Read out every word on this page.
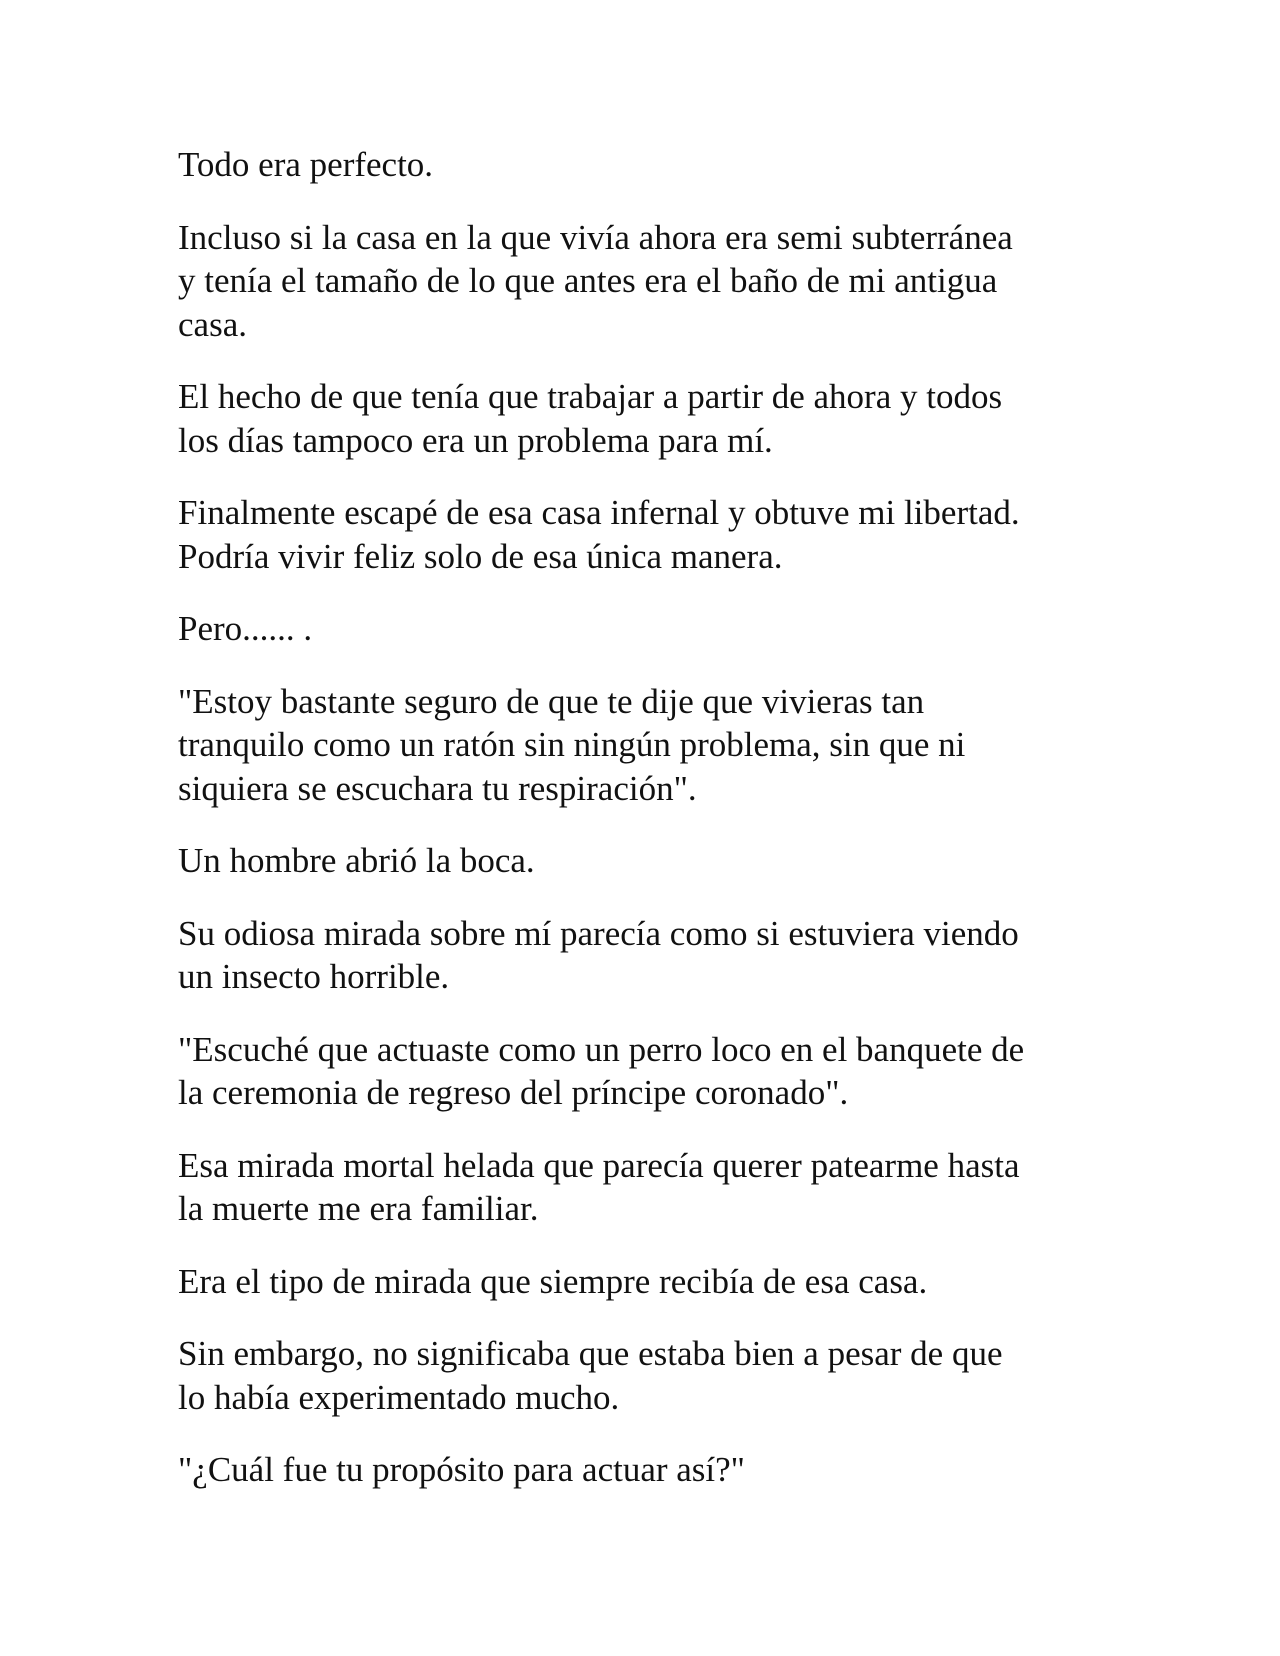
Todo era perfecto.

Incluso si la casa en la que vivía ahora era semi subterránea
y tenía el tamaño de lo que antes era el baño de mi antigua
casa.

El hecho de que tenía que trabajar a partir de ahora y todos
los días tampoco era un problema para mí.

Finalmente escapé de esa casa infernal y obtuve mi libertad.
Podría vivir feliz solo de esa única manera.

Pero...... .

"Estoy bastante seguro de que te dije que vivieras tan
tranquilo como un ratón sin ningún problema, sin que ni
siquiera se escuchara tu respiración".

Un hombre abrió la boca.

Su odiosa mirada sobre mí parecía como si estuviera viendo
un insecto horrible.

"Escuché que actuaste como un perro loco en el banquete de
la ceremonia de regreso del príncipe coronado".

Esa mirada mortal helada que parecía querer patearme hasta
la muerte me era familiar.

Era el tipo de mirada que siempre recibía de esa casa.

Sin embargo, no significaba que estaba bien a pesar de que
lo había experimentado mucho.

"¿Cuál fue tu propósito para actuar así?"
